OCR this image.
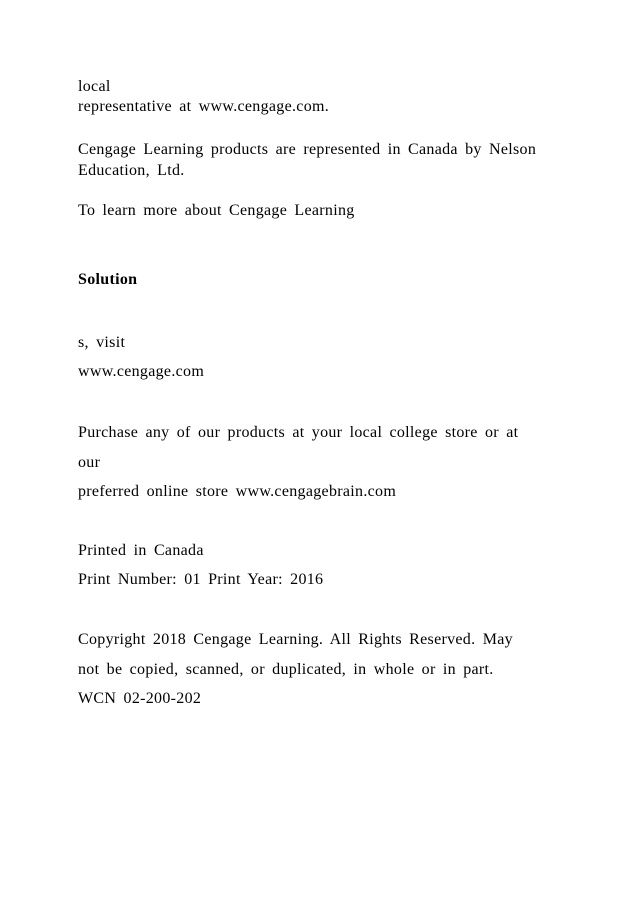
local
representative at www.cengage.com.
Cengage Learning products are represented in Canada by Nelson
Education, Ltd.
To learn more about Cengage Learning
Solution
s, visit
www.cengage.com
Purchase any of our products at your local college store or at
our
preferred online store www.cengagebrain.com
Printed in Canada
Print Number: 01 Print Year: 2016
Copyright 2018 Cengage Learning. All Rights Reserved. May
not be copied, scanned, or duplicated, in whole or in part.
WCN 02-200-202
